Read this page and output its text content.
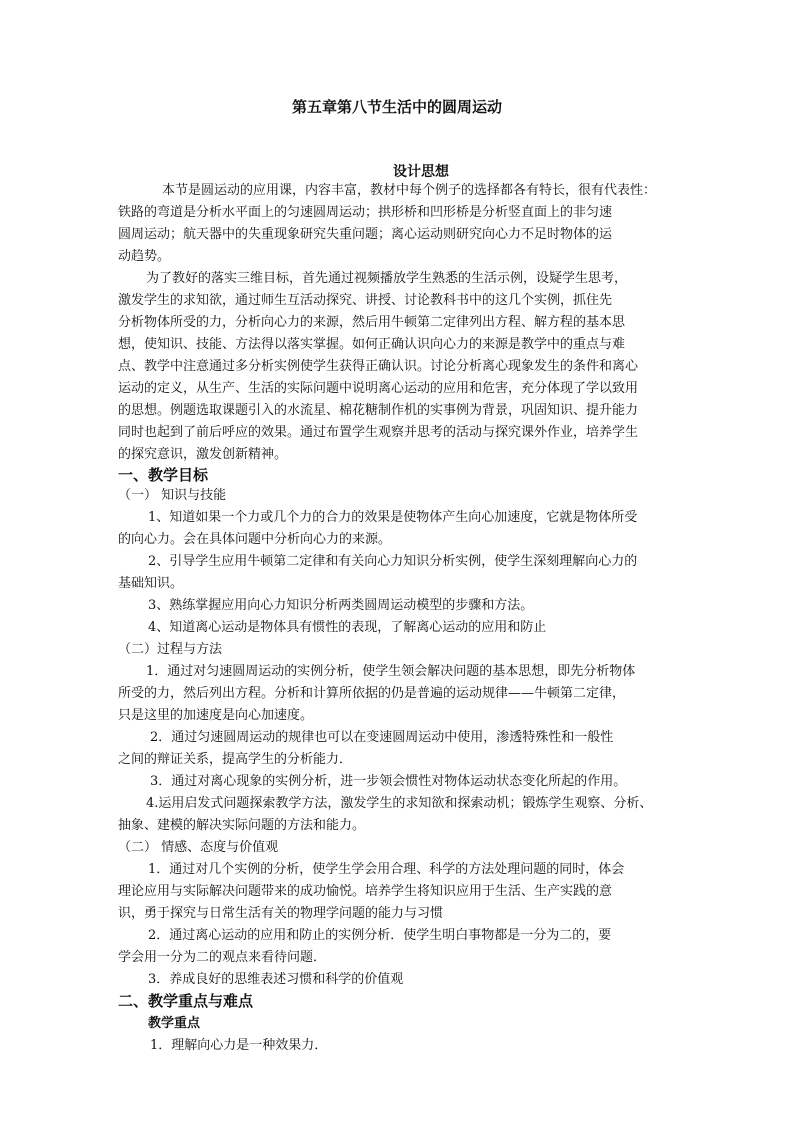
第五章第八节生活中的圆周运动
设计思想
本节是圆运动的应用课，内容丰富，教材中每个例子的选择都各有特长，很有代表性：
铁路的弯道是分析水平面上的匀速圆周运动；拱形桥和凹形桥是分析竖直面上的非匀速
圆周运动；航天器中的失重现象研究失重问题；离心运动则研究向心力不足时物体的运
动趋势。
为了教好的落实三维目标，首先通过视频播放学生熟悉的生活示例，设疑学生思考，
激发学生的求知欲，通过师生互活动探究、讲授、讨论教科书中的这几个实例，抓住先
分析物体所受的力，分析向心力的来源，然后用牛顿第二定律列出方程、解方程的基本思
想，使知识、技能、方法得以落实掌握。如何正确认识向心力的来源是教学中的重点与难
点、教学中注意通过多分析实例使学生获得正确认识。讨论分析离心现象发生的条件和离心
运动的定义，从生产、生活的实际问题中说明离心运动的应用和危害，充分体现了学以致用
的思想。例题选取课题引入的水流星、棉花糖制作机的实事例为背景，巩固知识、提升能力
同时也起到了前后呼应的效果。通过布置学生观察并思考的活动与探究课外作业，培养学生
的探究意识，激发创新精神。
一、教学目标
（一） 知识与技能
1、知道如果一个力或几个力的合力的效果是使物体产生向心加速度，它就是物体所受
的向心力。会在具体问题中分析向心力的来源。
2、引导学生应用牛顿第二定律和有关向心力知识分析实例，使学生深刻理解向心力的
基础知识。
3、熟练掌握应用向心力知识分析两类圆周运动模型的步骤和方法。
4、知道离心运动是物体具有惯性的表现，了解离心运动的应用和防止
（二）过程与方法
1．通过对匀速圆周运动的实例分析，使学生领会解决问题的基本思想，即先分析物体
所受的力，然后列出方程。分析和计算所依据的仍是普遍的运动规律——牛顿第二定律，
只是这里的加速度是向心加速度。
2．通过匀速圆周运动的规律也可以在变速圆周运动中使用，渗透特殊性和一般性
之间的辩证关系，提高学生的分析能力．
3．通过对离心现象的实例分析，进一步领会惯性对物体运动状态变化所起的作用。
4.运用启发式问题探索教学方法，激发学生的求知欲和探索动机；锻炼学生观察、分析、
抽象、建模的解决实际问题的方法和能力。
（二） 情感、态度与价值观
1．通过对几个实例的分析，使学生学会用合理、科学的方法处理问题的同时，体会
理论应用与实际解决问题带来的成功愉悦。培养学生将知识应用于生活、生产实践的意
识，勇于探究与日常生活有关的物理学问题的能力与习惯
2．通过离心运动的应用和防止的实例分析．使学生明白事物都是一分为二的，要
学会用一分为二的观点来看待问题．
3．养成良好的思维表述习惯和科学的价值观
二、教学重点与难点
教学重点
1．理解向心力是一种效果力．
